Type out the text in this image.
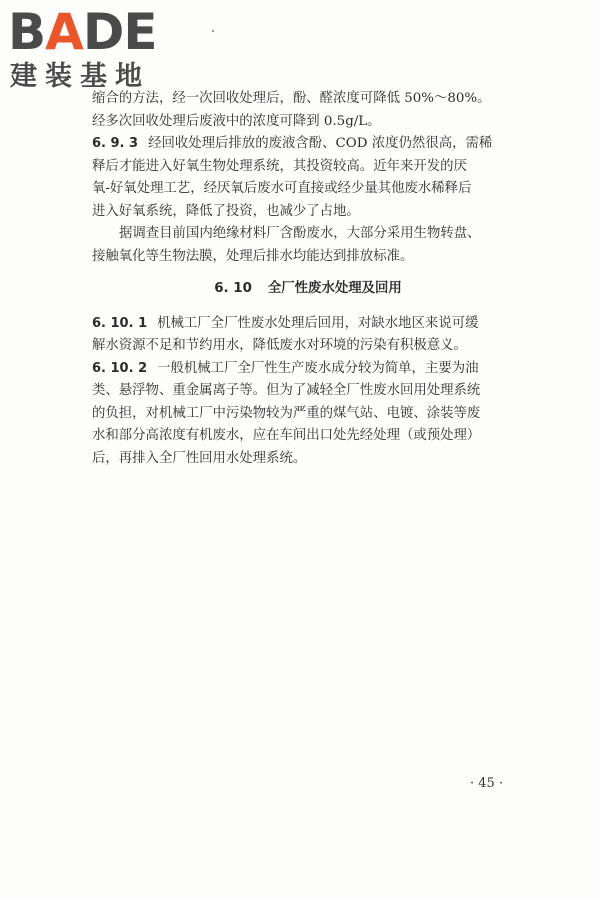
BADE
建装基地
缩合的方法，经一次回收处理后，酚、醛浓度可降低 50%～80%。
经多次回收处理后废液中的浓度可降到 0.5g/L。
6. 9. 3 经回收处理后排放的废液含酚、COD 浓度仍然很高，需稀
释后才能进入好氧生物处理系统，其投资较高。近年来开发的厌
氧-好氧处理工艺，经厌氧后废水可直接或经少量其他废水稀释后
进入好氧系统，降低了投资，也减少了占地。
据调查目前国内绝缘材料厂含酚废水，大部分采用生物转盘、
接触氧化等生物法膜，处理后排水均能达到排放标准。
6. 10 全厂性废水处理及回用
6. 10. 1 机械工厂全厂性废水处理后回用，对缺水地区来说可缓
解水资源不足和节约用水，降低废水对环境的污染有积极意义。
6. 10. 2 一般机械工厂全厂性生产废水成分较为简单，主要为油
类、悬浮物、重金属离子等。但为了减轻全厂性废水回用处理系统
的负担，对机械工厂中污染物较为严重的煤气站、电镀、涂装等废
水和部分高浓度有机废水，应在车间出口处先经处理（或预处理）
后，再排入全厂性回用水处理系统。
· 45 ·
